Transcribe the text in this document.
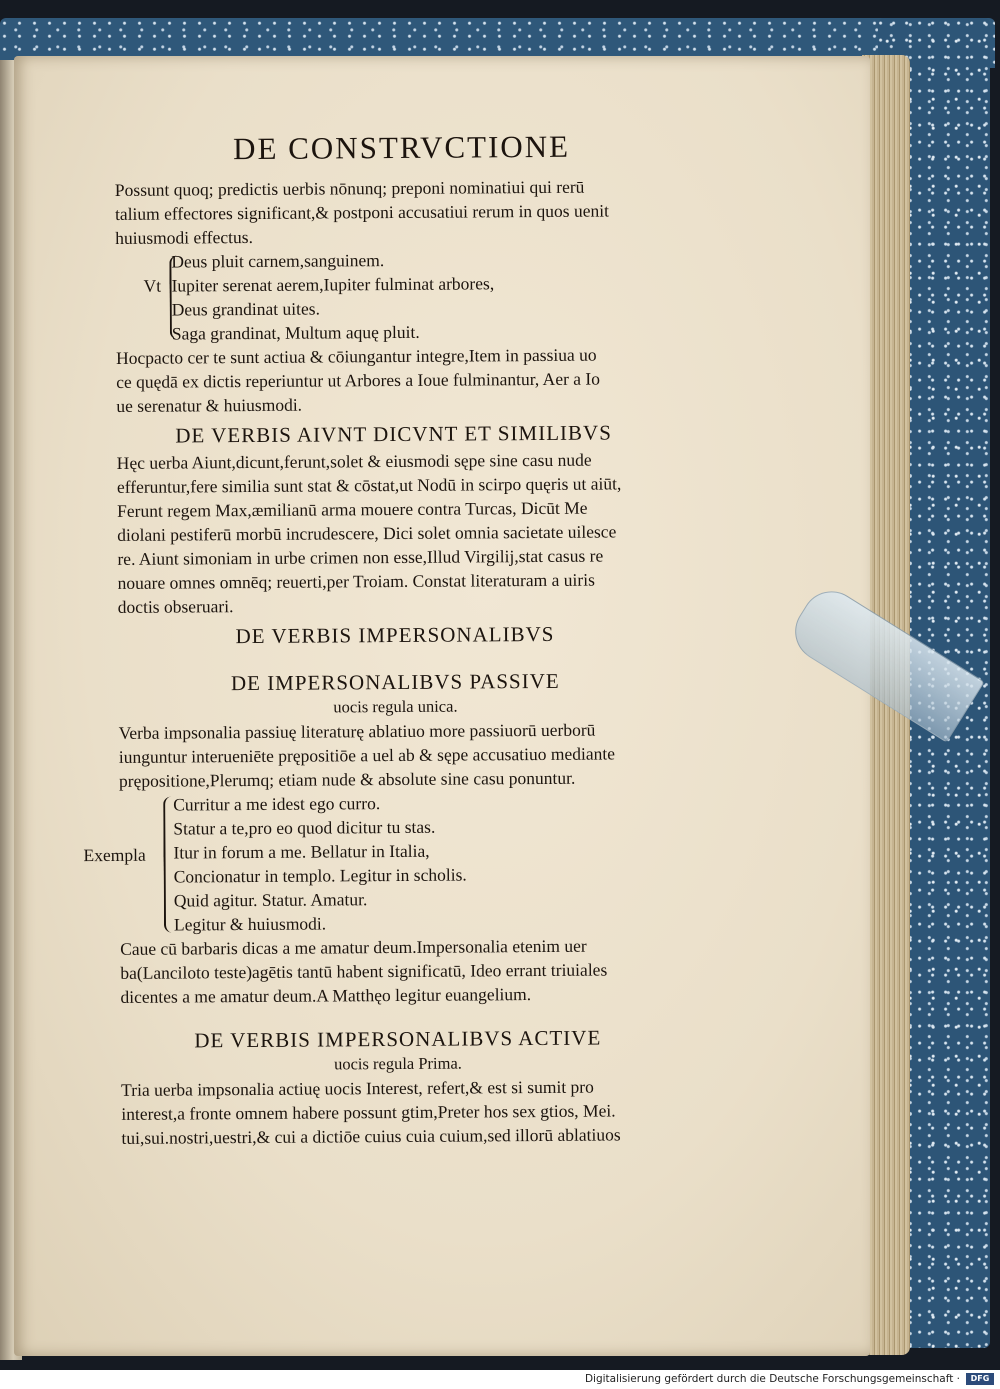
DE CONSTRVCTIONE

Possunt quoq; predictis uerbis nōnunq; preponi nominatiui qui rerū
talium effectores significant,& postponi accusatiui rerum in quos uenit
huiusmodi effectus.

Vt
Deus pluit carnem,sanguinem.
Iupiter serenat aerem,Iupiter fulminat arbores,
Deus grandinat uites.
Saga grandinat, Multum aquę pluit.

Hocpacto cer te sunt actiua & cōiungantur integre,Item in passiua uo
ce quędā ex dictis reperiuntur ut Arbores a Ioue fulminantur, Aer a Io
ue serenatur & huiusmodi.

DE VERBIS AIVNT DICVNT ET SIMILIBVS

Hęc uerba Aiunt,dicunt,ferunt,solet & eiusmodi sępe sine casu nude
efferuntur,fere similia sunt stat & cōstat,ut Nodū in scirpo quęris ut aiūt,
Ferunt regem Max,æmilianū arma mouere contra Turcas, Dicūt Me
diolani pestiferū morbū incrudescere, Dici solet omnia sacietate uilesce
re. Aiunt simoniam in urbe crimen non esse,Illud Virgilij,stat casus re
nouare omnes omnēq; reuerti,per Troiam. Constat literaturam a uiris
doctis obseruari.

DE VERBIS IMPERSONALIBVS
DE IMPERSONALIBVS PASSIVE
uocis regula unica.

Verba impsonalia passiuę literaturę ablatiuo more passiuorū uerborū
iunguntur interueniēte prępositiōe a uel ab & sępe accusatiuo mediante
prępositione,Plerumq; etiam nude & absolute sine casu ponuntur.

Exempla
Curritur a me idest ego curro.
Statur a te,pro eo quod dicitur tu stas.
Itur in forum a me. Bellatur in Italia,
Concionatur in templo. Legitur in scholis.
Quid agitur. Statur. Amatur.
Legitur & huiusmodi.

Caue cū barbaris dicas a me amatur deum.Impersonalia etenim uer
ba(Lanciloto teste)agētis tantū habent significatū, Ideo errant triuiales
dicentes a me amatur deum.A Matthęo legitur euangelium.

DE VERBIS IMPERSONALIBVS ACTIVE
uocis regula Prima.

Tria uerba impsonalia actiuę uocis Interest, refert,& est si sumit pro
interest,a fronte omnem habere possunt gtim,Preter hos sex gtios, Mei.
tui,sui.nostri,uestri,& cui a dictiōe cuius cuia cuium,sed illorū ablatiuos

Digitalisierung gefördert durch die Deutsche Forschungsgemeinschaft ·	DFG
